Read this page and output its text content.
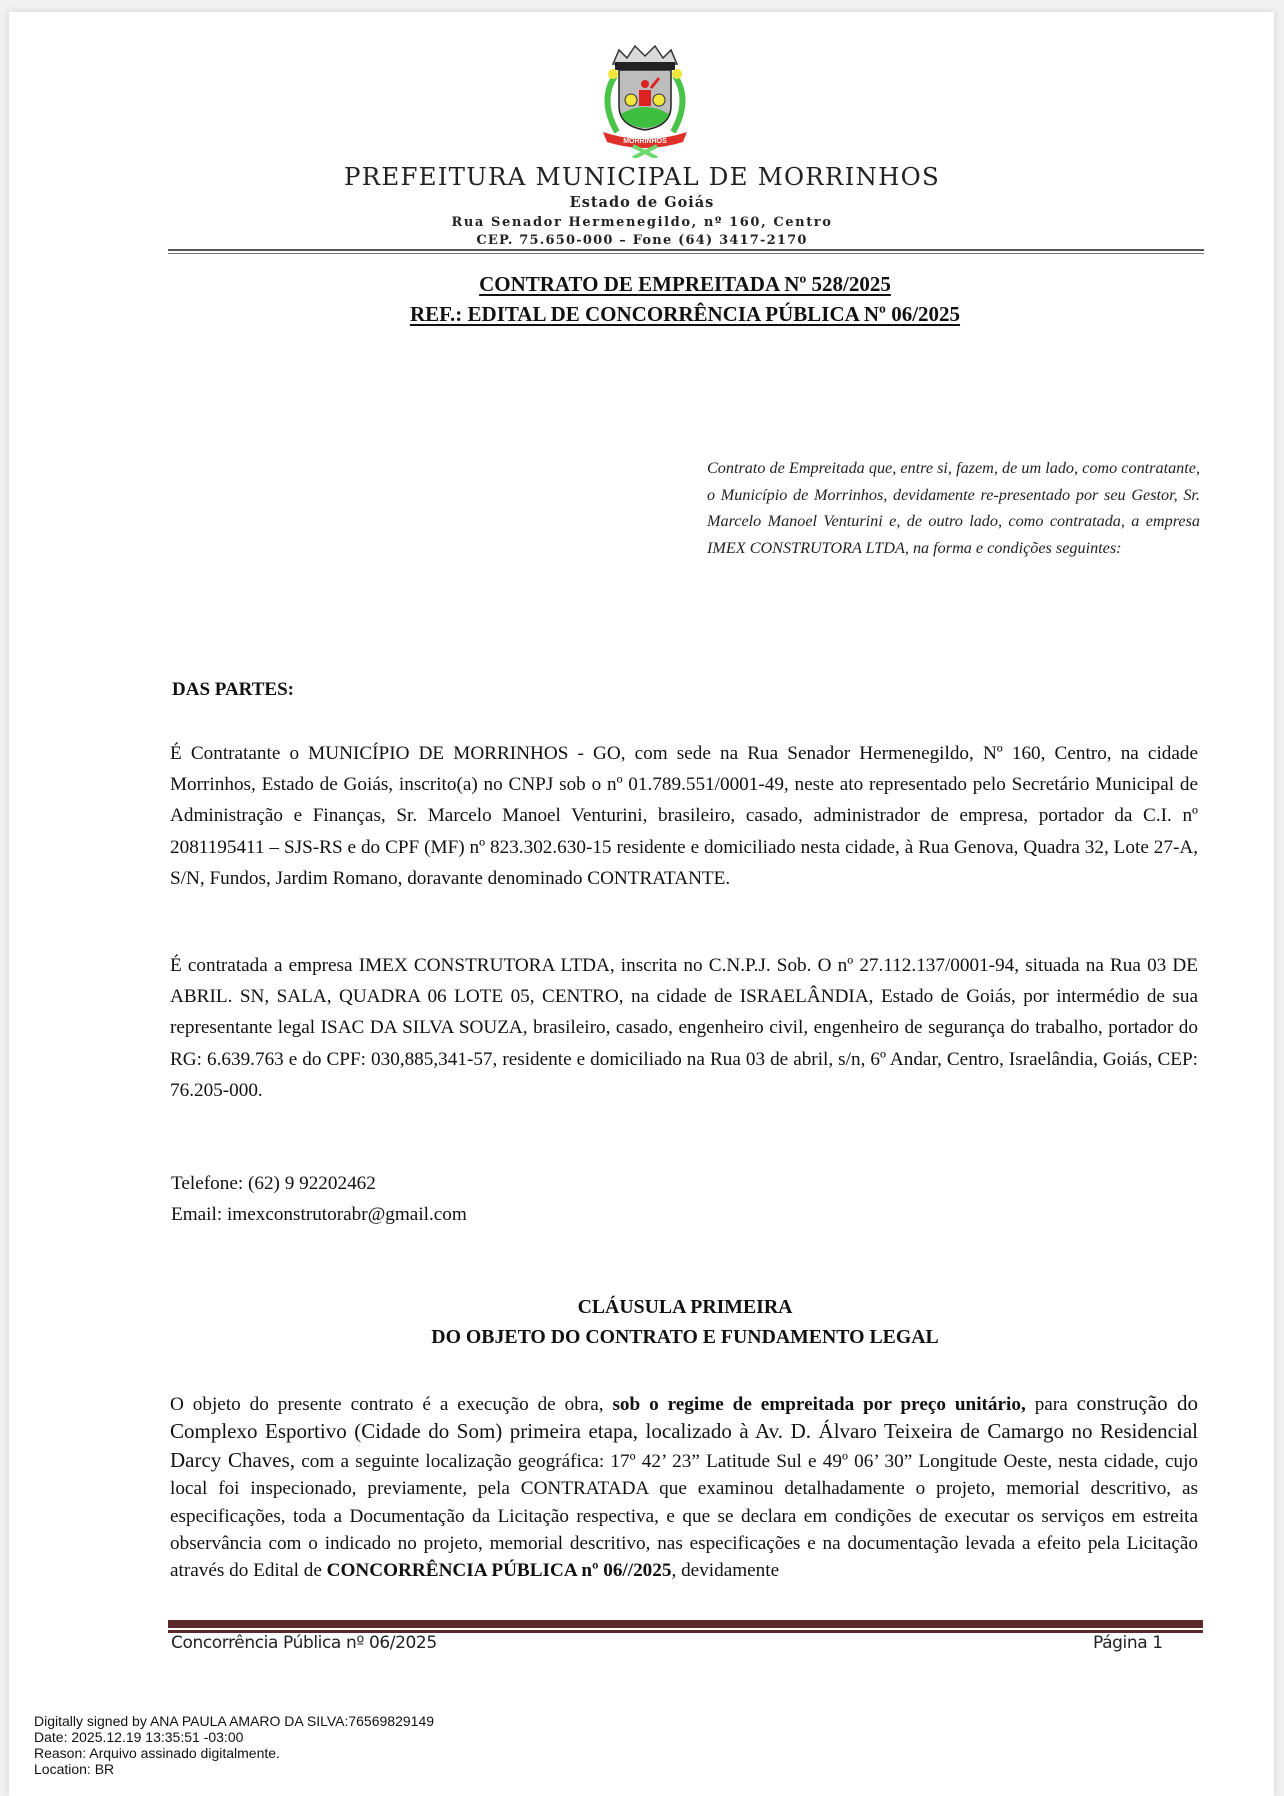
MORRINHOS
PREFEITURA MUNICIPAL DE MORRINHOS
Estado de Goiás
Rua Senador Hermenegildo, nº 160, Centro
CEP. 75.650-000 – Fone (64) 3417-2170
CONTRATO DE EMPREITADA Nº 528/2025
REF.: EDITAL DE CONCORRÊNCIA PÚBLICA Nº 06/2025
Contrato de Empreitada que, entre si, fazem, de um lado, como contratante, o Município de Morrinhos, devidamente re-presentado por seu Gestor, Sr. Marcelo Manoel Venturini e, de outro lado, como contratada, a empresa IMEX CONSTRUTORA LTDA, na forma e condições seguintes:
DAS PARTES:
É Contratante o MUNICÍPIO DE MORRINHOS - GO, com sede na Rua Senador Hermenegildo, Nº 160, Centro, na cidade Morrinhos, Estado de Goiás, inscrito(a) no CNPJ sob o nº 01.789.551/0001-49, neste ato representado pelo Secretário Municipal de Administração e Finanças, Sr. Marcelo Manoel Venturini, brasileiro, casado, administrador de empresa, portador da C.I. nº 2081195411 – SJS-RS e do CPF (MF) nº 823.302.630-15 residente e domiciliado nesta cidade, à Rua Genova, Quadra 32, Lote 27-A, S/N, Fundos, Jardim Romano, doravante denominado CONTRATANTE.
É contratada a empresa IMEX CONSTRUTORA LTDA, inscrita no C.N.P.J. Sob. O nº 27.112.137/0001-94, situada na Rua 03 DE ABRIL. SN, SALA, QUADRA 06 LOTE 05, CENTRO, na cidade de ISRAELÂNDIA, Estado de Goiás, por intermédio de sua representante legal ISAC DA SILVA SOUZA, brasileiro, casado, engenheiro civil, engenheiro de segurança do trabalho, portador do RG: 6.639.763 e do CPF: 030,885,341-57, residente e domiciliado na Rua 03 de abril, s/n, 6º Andar, Centro, Israelândia, Goiás, CEP: 76.205-000.
Telefone: (62) 9 92202462
Email: imexconstrutorabr@gmail.com
CLÁUSULA PRIMEIRA
DO OBJETO DO CONTRATO E FUNDAMENTO LEGAL
O objeto do presente contrato é a execução de obra, sob o regime de empreitada por preço unitário, para construção do Complexo Esportivo (Cidade do Som) primeira etapa, localizado à Av. D. Álvaro Teixeira de Camargo no Residencial Darcy Chaves, com a seguinte localização geográfica: 17º 42’ 23” Latitude Sul e 49º 06’ 30” Longitude Oeste, nesta cidade, cujo local foi inspecionado, previamente, pela CONTRATADA que examinou detalhadamente o projeto, memorial descritivo, as especificações, toda a Documentação da Licitação respectiva, e que se declara em condições de executar os serviços em estreita observância com o indicado no projeto, memorial descritivo, nas especificações e na documentação levada a efeito pela Licitação através do Edital de CONCORRÊNCIA PÚBLICA nº 06//2025, devidamente
Concorrência Pública nº 06/2025	Página 1
Digitally signed by ANA PAULA AMARO DA SILVA:76569829149
Date: 2025.12.19 13:35:51 -03:00
Reason: Arquivo assinado digitalmente.
Location: BR
